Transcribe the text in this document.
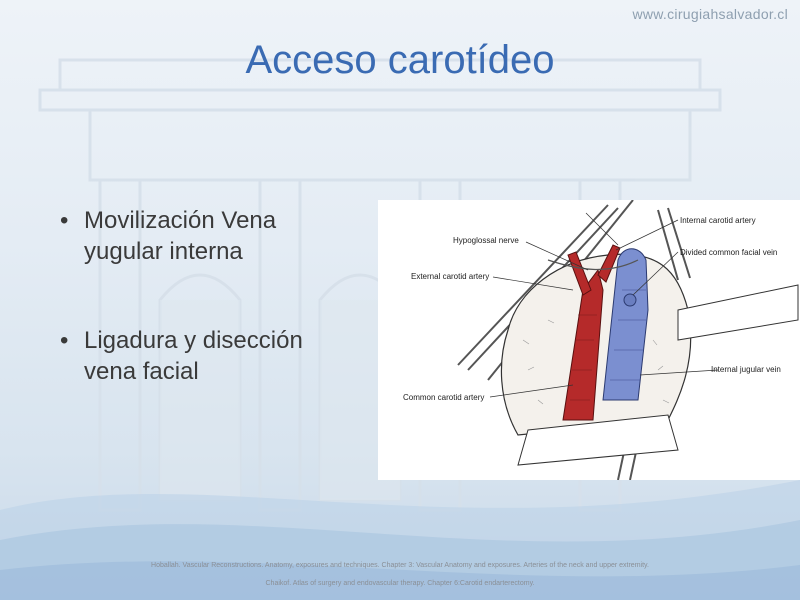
www.cirugiahsalvador.cl
Acceso carotídeo
• Movilización Vena yugular interna
• Ligadura y disección vena facial
Internal carotid artery
Hypoglossal nerve
Divided common facial vein
External carotid artery
Internal jugular vein
Common carotid artery
Hoballah. Vascular Reconstructions. Anatomy, exposures and techniques. Chapter 3: Vascular Anatomy and exposures. Arteries of the neck and upper extremity.
Chaikof. Atlas of surgery and endovascular therapy. Chapter 6:Carotid endarterectomy.
